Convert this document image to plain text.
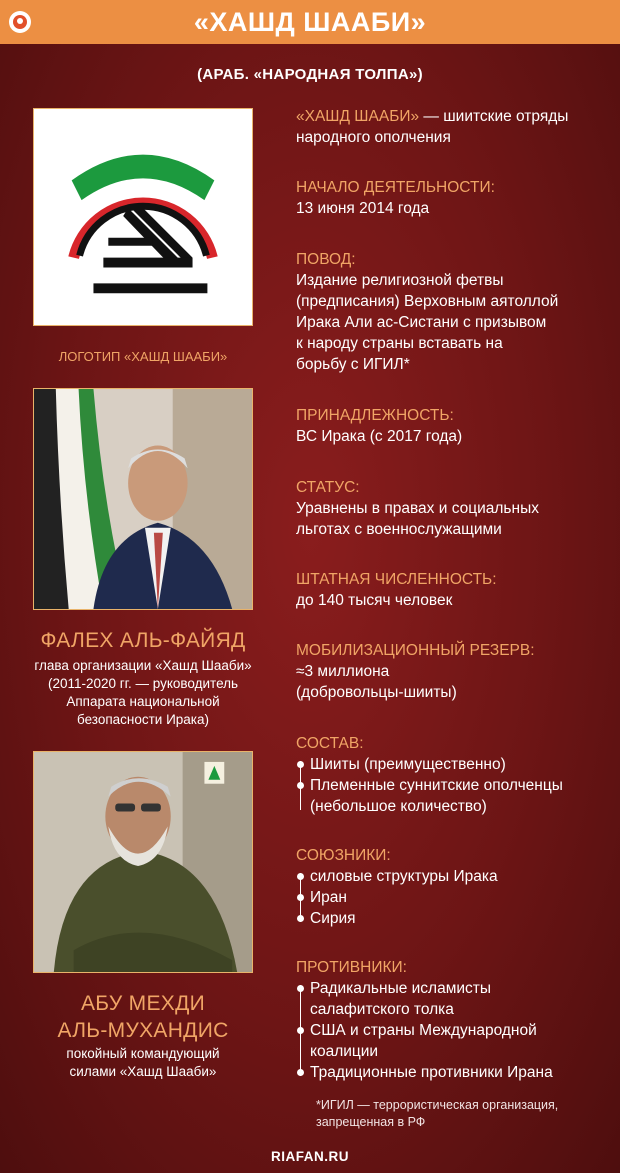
«ХАШД ШААБИ»
(АРАБ. «НАРОДНАЯ ТОЛПА»)
ЛОГОТИП «ХАШД ШААБИ»
ФАЛЕХ АЛЬ-ФАЙЯД
глава организации «Хашд Шааби»
(2011-2020 гг. — руководитель
Аппарата национальной
безопасности Ирака)
АБУ МЕХДИ
АЛЬ-МУХАНДИС
покойный командующий
силами «Хашд Шааби»
«ХАШД ШААБИ» — шиитские отряды
народного ополчения
НАЧАЛО ДЕЯТЕЛЬНОСТИ:
13 июня 2014 года
ПОВОД:
Издание религиозной фетвы
(предписания) Верховным аятоллой
Ирака Али ас-Систани с призывом
к народу страны вставать на
борьбу с ИГИЛ*
ПРИНАДЛЕЖНОСТЬ:
ВС Ирака (с 2017 года)
СТАТУС:
Уравнены в правах и социальных
льготах с военнослужащими
ШТАТНАЯ ЧИСЛЕННОСТЬ:
до 140 тысяч человек
МОБИЛИЗАЦИОННЫЙ РЕЗЕРВ:
≈3 миллиона
(добровольцы-шииты)
СОСТАВ:
Шииты (преимущественно)
Племенные суннитские ополченцы
(небольшое количество)
СОЮЗНИКИ:
силовые структуры Ирака
Иран
Сирия
ПРОТИВНИКИ:
Радикальные исламисты
салафитского толка
США и страны Международной
коалиции
Традиционные противники Ирана
*ИГИЛ — террористическая организация,
запрещенная в РФ
RIAFAN.RU
